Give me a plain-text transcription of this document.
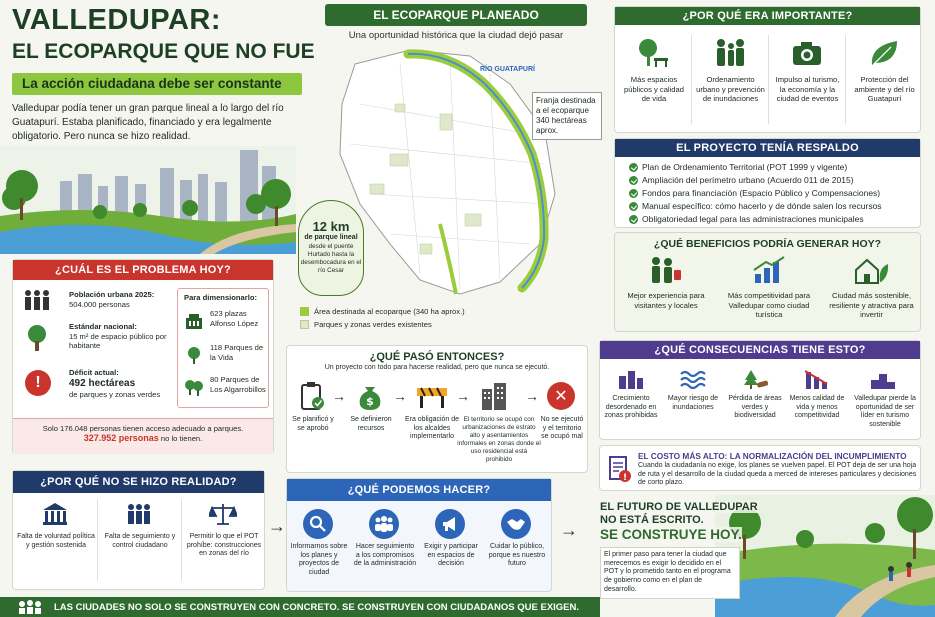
VALLEDUPAR:
EL ECOPARQUE QUE NO FUE
La acción ciudadana debe ser constante
Valledupar podía tener un gran parque lineal a lo largo del río Guatapurí. Estaba planificado, financiado y era legalmente obligatorio. Pero nunca se hizo realidad.
EL ECOPARQUE PLANEADO
Una oportunidad histórica que la ciudad dejó pasar
RÍO GUATAPURÍ
Franja destinada a el ecoparque 340 hectáreas aprox.
12 km
de parque lineal
desde el puente Hurtado hasta la desembocadura en el río Cesar
Área destinada al ecoparque (340 ha aprox.)
Parques y zonas verdes existentes
¿POR QUÉ ERA IMPORTANTE?
Más espacios públicos y calidad de vida
Ordenamiento urbano y prevención de inundaciones
Impulso al turismo, la economía y la ciudad de eventos
Protección del ambiente y del río Guatapurí
EL PROYECTO TENÍA RESPALDO
Plan de Ordenamiento Territorial (POT 1999 y vigente)
Ampliación del perímetro urbano (Acuerdo 011 de 2015)
Fondos para financiación (Espacio Público y Compensaciones)
Manual específico: cómo hacerlo y de dónde salen los recursos
Obligatoriedad legal para las administraciones municipales
¿QUÉ BENEFICIOS PODRÍA GENERAR HOY?
Mejor experiencia para visitantes y locales
Más competitividad para Valledupar como ciudad turística
Ciudad más sostenible, resiliente y atractiva para invertir
¿CUÁL ES EL PROBLEMA HOY?
Población urbana 2025:
504.000 personas
Estándar nacional:
15 m² de espacio público por habitante
!
Déficit actual:
492 hectáreas
de parques y zonas verdes
Para dimensionarlo:
623 plazas Alfonso López
118 Parques de la Vida
80 Parques de Los Algarrobillos
Solo 176.048 personas tienen acceso adecuado a parques.
327.952 personas no lo tienen.
¿QUÉ PASÓ ENTONCES?
Un proyecto con todo para hacerse realidad, pero que nunca se ejecutó.
Se planificó y se aprobó
→ $
Se definieron recursos
→
Era obligación de los alcaldes implementarlo
→
El territorio se ocupó con urbanizaciones de estrato alto y asentamientos informales en zonas donde el uso residencial está prohibido
→ ✕
No se ejecutó y el territorio se ocupó mal
¿QUÉ CONSECUENCIAS TIENE ESTO?
Crecimiento desordenado en zonas prohibidas
Mayor riesgo de inundaciones
Pérdida de áreas verdes y biodiversidad
Menos calidad de vida y menos competitividad
Valledupar pierde la oportunidad de ser líder en turismo sostenible
!
EL COSTO MÁS ALTO: LA NORMALIZACIÓN DEL INCUMPLIMIENTO
Cuando la ciudadanía no exige, los planes se vuelven papel. El POT deja de ser una hoja de ruta y el desarrollo de la ciudad queda a merced de intereses particulares y decisiones de corto plazo.
¿POR QUÉ NO SE HIZO REALIDAD?
Falta de voluntad política y gestión sostenida
Falta de seguimiento y control ciudadano
Permitir lo que el POT prohíbe: construcciones en zonas del río
→
¿QUÉ PODEMOS HACER?
Informarnos sobre los planes y proyectos de ciudad
Hacer seguimiento a los compromisos de la administración
Exigir y participar en espacios de decisión
Cuidar lo público, porque es nuestro futuro
→
EL FUTURO DE VALLEDUPAR
NO ESTÁ ESCRITO.
SE CONSTRUYE HOY.
El primer paso para tener la ciudad que merecemos es exigir lo decidido en el POT y lo prometido tanto en el programa de gobierno como en el plan de desarrollo.
LAS CIUDADES NO SOLO SE CONSTRUYEN CON CONCRETO. SE CONSTRUYEN CON CIUDADANOS QUE EXIGEN.
